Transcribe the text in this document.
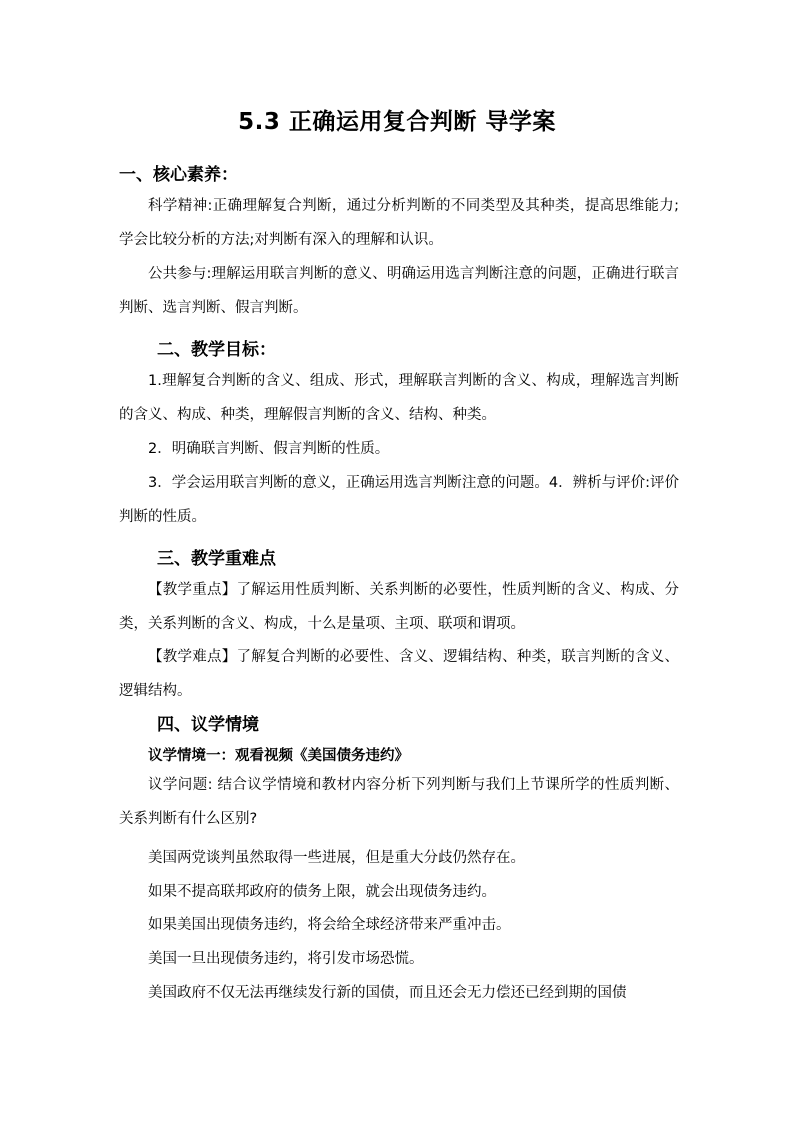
5.3 正确运用复合判断 导学案
一、核心素养：

科学精神:正确理解复合判断，通过分析判断的不同类型及其种类，提高思维能力;学会比较分析的方法;对判断有深入的理解和认识。

公共参与:理解运用联言判断的意义、明确运用选言判断注意的问题，正确进行联言判断、选言判断、假言判断。

二、教学目标：

1.理解复合判断的含义、组成、形式，理解联言判断的含义、构成，理解选言判断的含义、构成、种类，理解假言判断的含义、结构、种类。

2．明确联言判断、假言判断的性质。

3．学会运用联言判断的意义，正确运用选言判断注意的问题。4．辨析与评价:评价判断的性质。

三、教学重难点

【教学重点】了解运用性质判断、关系判断的必要性，性质判断的含义、构成、分类，关系判断的含义、构成，十么是量项、主项、联项和谓项。

【教学难点】了解复合判断的必要性、含义、逻辑结构、种类，联言判断的含义、逻辑结构。

四、议学情境
议学情境一：观看视频《美国债务违约》

议学问题: 结合议学情境和教材内容分析下列判断与我们上节课所学的性质判断、关系判断有什么区别?

美国两党谈判虽然取得一些进展，但是重大分歧仍然存在。
如果不提高联邦政府的债务上限，就会出现债务违约。
如果美国出现债务违约，将会给全球经济带来严重冲击。
美国一旦出现债务违约，将引发市场恐慌。
美国政府不仅无法再继续发行新的国债，而且还会无力偿还已经到期的国债
